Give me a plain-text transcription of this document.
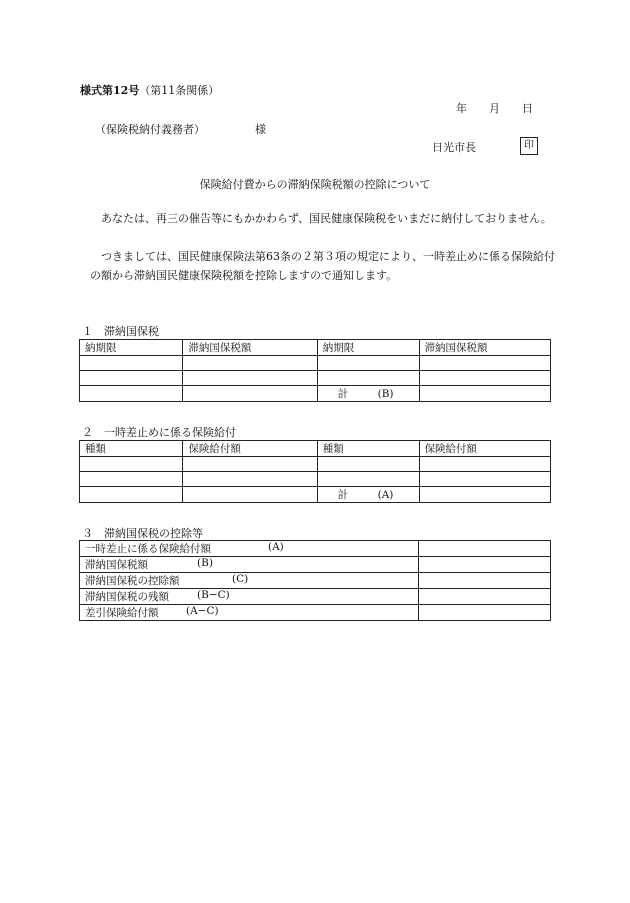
様式第12号（第11条関係）
年 月 日
（保険税納付義務者）	様
日光市長	印
保険給付費からの滞納保険税額の控除について
あなたは、再三の催告等にもかかわらず、国民健康保険税をいまだに納付しておりません。
つきましては、国民健康保険法第63条の２第３項の規定により、一時差止めに係る保険給付の額から滞納国民健康保険税額を控除しますので通知します。
１　滞納国保税
納期限	滞納国保税額	納期限	滞納国保税額

		計 (B)	
２　一時差止めに係る保険給付
種類	保険給付額	種類	保険給付額

		計 (A)	
３　滞納国保税の控除等
一時差止に係る保険給付額 (A)	

滞納国保税額 (B)	

滞納国保税の控除額 (C)	

滞納国保税の残額 (B−C)	

差引保険給付額 (A−C)	
